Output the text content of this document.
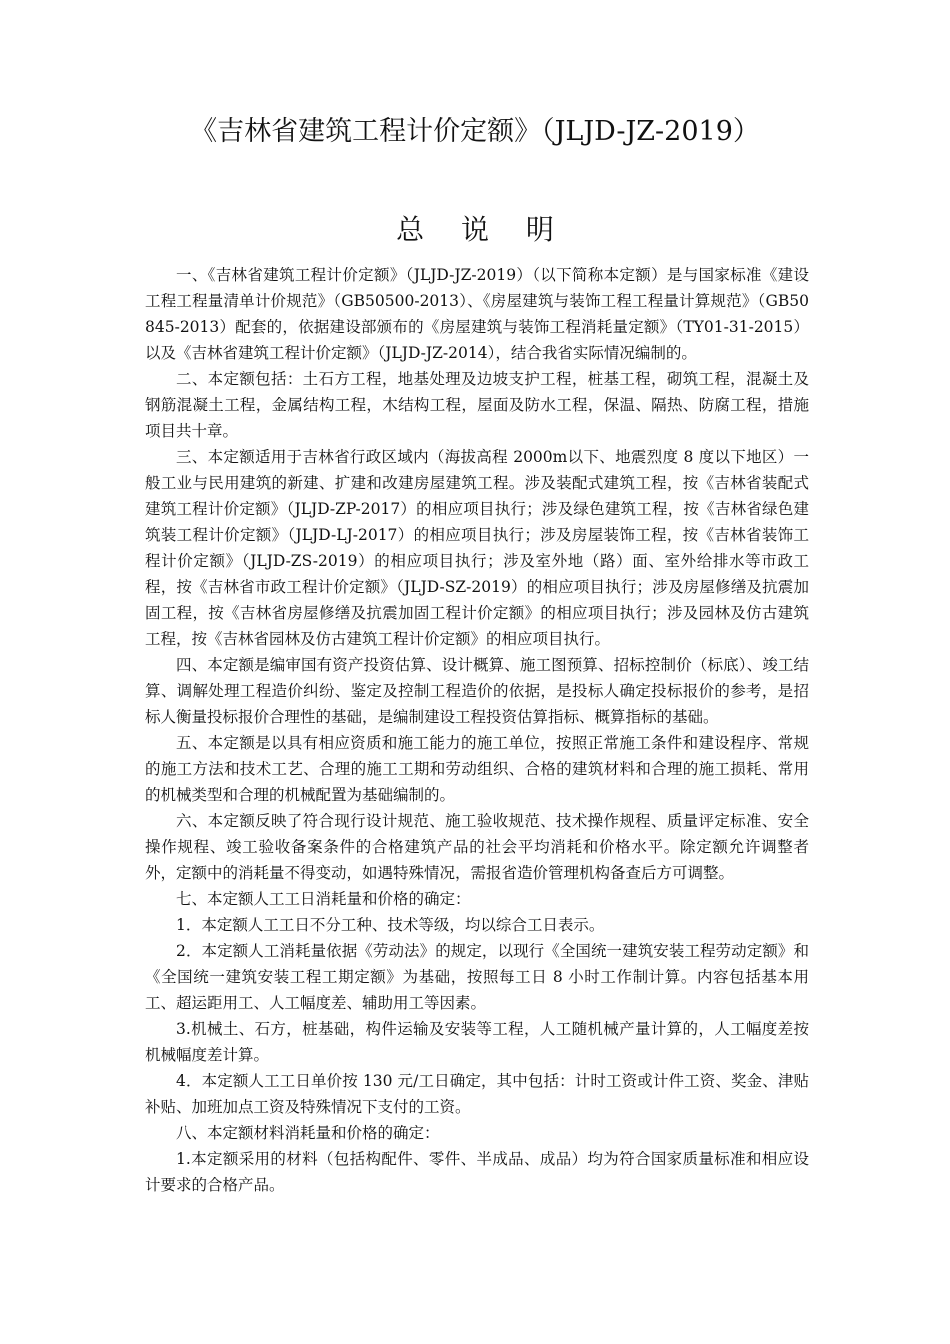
《吉林省建筑工程计价定额》（JLJD-JZ-2019）
总 说 明

一、《吉林省建筑工程计价定额》（JLJD-JZ-2019）（以下简称本定额）是与国家标准《建设工程工程量清单计价规范》（GB50500-2013）、《房屋建筑与装饰工程工程量计算规范》（GB50845-2013）配套的，依据建设部颁布的《房屋建筑与装饰工程消耗量定额》（TY01-31-2015）以及《吉林省建筑工程计价定额》（JLJD-JZ-2014），结合我省实际情况编制的。

二、本定额包括：土石方工程，地基处理及边坡支护工程，桩基工程，砌筑工程，混凝土及钢筋混凝土工程，金属结构工程，木结构工程，屋面及防水工程，保温、隔热、防腐工程，措施项目共十章。

三、本定额适用于吉林省行政区域内（海拔高程 2000m以下、地震烈度 8 度以下地区）一般工业与民用建筑的新建、扩建和改建房屋建筑工程。涉及装配式建筑工程，按《吉林省装配式建筑工程计价定额》（JLJD-ZP-2017）的相应项目执行；涉及绿色建筑工程，按《吉林省绿色建筑装工程计价定额》（JLJD-LJ-2017）的相应项目执行；涉及房屋装饰工程，按《吉林省装饰工程计价定额》（JLJD-ZS-2019）的相应项目执行；涉及室外地（路）面、室外给排水等市政工程，按《吉林省市政工程计价定额》（JLJD-SZ-2019）的相应项目执行；涉及房屋修缮及抗震加固工程，按《吉林省房屋修缮及抗震加固工程计价定额》的相应项目执行；涉及园林及仿古建筑工程，按《吉林省园林及仿古建筑工程计价定额》的相应项目执行。

四、本定额是编审国有资产投资估算、设计概算、施工图预算、招标控制价（标底）、竣工结算、调解处理工程造价纠纷、鉴定及控制工程造价的依据，是投标人确定投标报价的参考，是招标人衡量投标报价合理性的基础，是编制建设工程投资估算指标、概算指标的基础。

五、本定额是以具有相应资质和施工能力的施工单位，按照正常施工条件和建设程序、常规的施工方法和技术工艺、合理的施工工期和劳动组织、合格的建筑材料和合理的施工损耗、常用的机械类型和合理的机械配置为基础编制的。

六、本定额反映了符合现行设计规范、施工验收规范、技术操作规程、质量评定标准、安全操作规程、竣工验收备案条件的合格建筑产品的社会平均消耗和价格水平。除定额允许调整者外，定额中的消耗量不得变动，如遇特殊情况，需报省造价管理机构备查后方可调整。

七、本定额人工工日消耗量和价格的确定：

1．本定额人工工日不分工种、技术等级，均以综合工日表示。

2．本定额人工消耗量依据《劳动法》的规定，以现行《全国统一建筑安装工程劳动定额》和《全国统一建筑安装工程工期定额》为基础，按照每工日 8 小时工作制计算。内容包括基本用工、超运距用工、人工幅度差、辅助用工等因素。

3.机械土、石方，桩基础，构件运输及安装等工程，人工随机械产量计算的，人工幅度差按机械幅度差计算。

4．本定额人工工日单价按 130 元/工日确定，其中包括：计时工资或计件工资、奖金、津贴补贴、加班加点工资及特殊情况下支付的工资。

八、本定额材料消耗量和价格的确定：

1.本定额采用的材料（包括构配件、零件、半成品、成品）均为符合国家质量标准和相应设计要求的合格产品。
